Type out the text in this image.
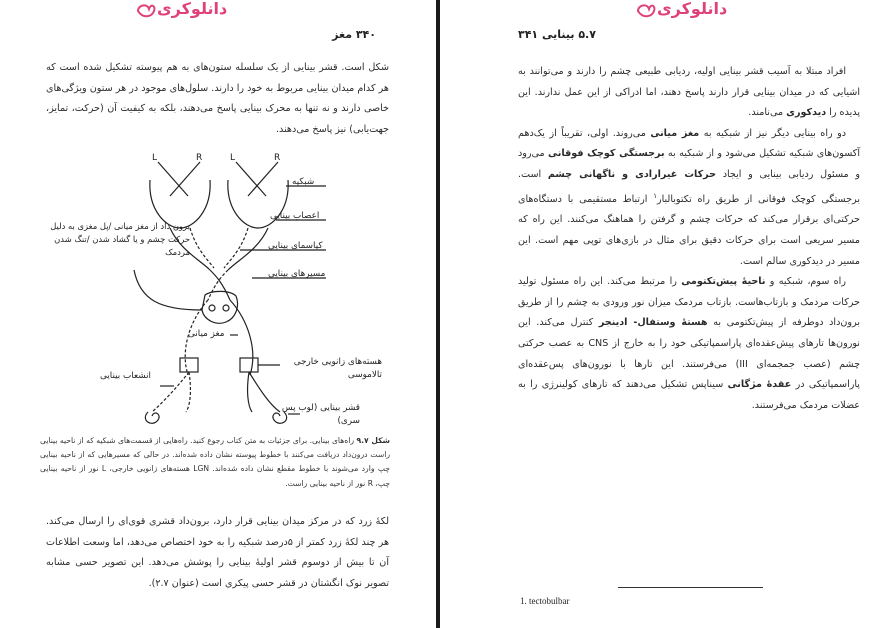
دانلوکری
۳۴۰ مغز

شکل است. قشر بینایی از یک سلسله ستون‌های به هم پیوسته تشکیل شده است که هر کدام میدان بینایی مربوط به خود را دارند. سلول‌های موجود در هر ستون ویژگی‌های خاصی دارند و نه تنها به محرک بینایی پاسخ می‌دهند، بلکه به کیفیت آن (حرکت، تمایز، جهت‌یابی) نیز پاسخ می‌دهند.

L	R	L	R
شبکیه
اعصاب بینایی
کیاسمای بینایی
مسیرهای بینایی
مغز میانی
هسته‌های زانویی خارجی تالاموسی
انشعاب بینایی
قشر بینایی (لوب پس سری)
برون داد از مغز میانی /پل مغزی به دلیل حرکت چشم و یا گشاد شدن /تنگ شدن مردمک
شکل ۹.۷ راه‌های بینایی. برای جزئیات به متن کتاب رجوع کنید. راه‌هایی از قسمت‌های شبکیه که از ناحیه بینایی راست درون‌داد دریافت می‌کنند با خطوط پیوسته نشان داده شده‌اند. در حالی که مسیرهایی که از ناحیه بینایی چپ وارد می‌شوند با خطوط مقطع نشان داده شده‌اند. LGN هسته‌های زانویی خارجی، L نور از ناحیه بینایی چپ، R نور از ناحیه بینایی راست.

لکهٔ زرد که در مرکز میدان بینایی قرار دارد، برون‌داد قشری قوی‌ای را ارسال می‌کند. هر چند لکهٔ زرد کمتر از ۵درصد شبکیه را به خود اختصاص می‌دهد، اما وسعت اطلاعات آن تا بیش از دوسوم قشر اولیهٔ بینایی را پوشش می‌دهد. این تصویر حسی مشابه تصویر نوک انگشتان در قشر حسی پیکری است (عنوان ۲.۷).

دانلوکری
۵.۷ بینایی ۳۴۱

افراد مبتلا به آسیب قشر بینایی اولیه، ردیابی طبیعی چشم را دارند و می‌توانند به اشیایی که در میدان بینایی قرار دارند پاسخ دهند، اما ادراکی از این عمل ندارند. این پدیده را دیدکوری می‌نامند.

دو راه بینایی دیگر نیز از شبکیه به مغز میانی می‌روند. اولی، تقریباً از یک‌دهم آکسون‌های شبکیه تشکیل می‌شود و از شبکیه به برجستگی کوچک فوقانی می‌رود و مسئول ردیابی بینایی و ایجاد حرکات غیرارادی و ناگهانی چشم است. برجستگی کوچک فوقانی از طریق راه تکتوبالبار$^۱$ ارتباط مستقیمی با دستگاه‌های حرکتی‌ای برقرار می‌کند که حرکات چشم و گرفتن را هماهنگ می‌کنند. این راه که مسیر سریعی است برای حرکات دقیق برای مثال در بازی‌های توپی مهم است. این مسیر در دیدکوری سالم است.

راه سوم، شبکیه و ناحیهٔ پیش‌تکتومی را مرتبط می‌کند. این راه مسئول تولید حرکات مردمک و بازتاب‌هاست. بازتاب مردمک میزان نور ورودی به چشم را از طریق برون‌داد دوطرفه از پیش‌تکتومی به هستهٔ وستفال- ادینجر کنترل می‌کند. این نورون‌ها تارهای پیش‌عقده‌ای پاراسمپاتیکی خود را به خارج از CNS به عصب حرکتی چشم (عصب جمجمه‌ای III) می‌فرستند. این تارها با نورون‌های پس‌عقده‌ای پاراسمپاتیکی در عقدهٔ مژگانی سیناپس تشکیل می‌دهند که تارهای کولینرژی را به عضلات مردمک می‌فرستند.

1. tectobulbar
